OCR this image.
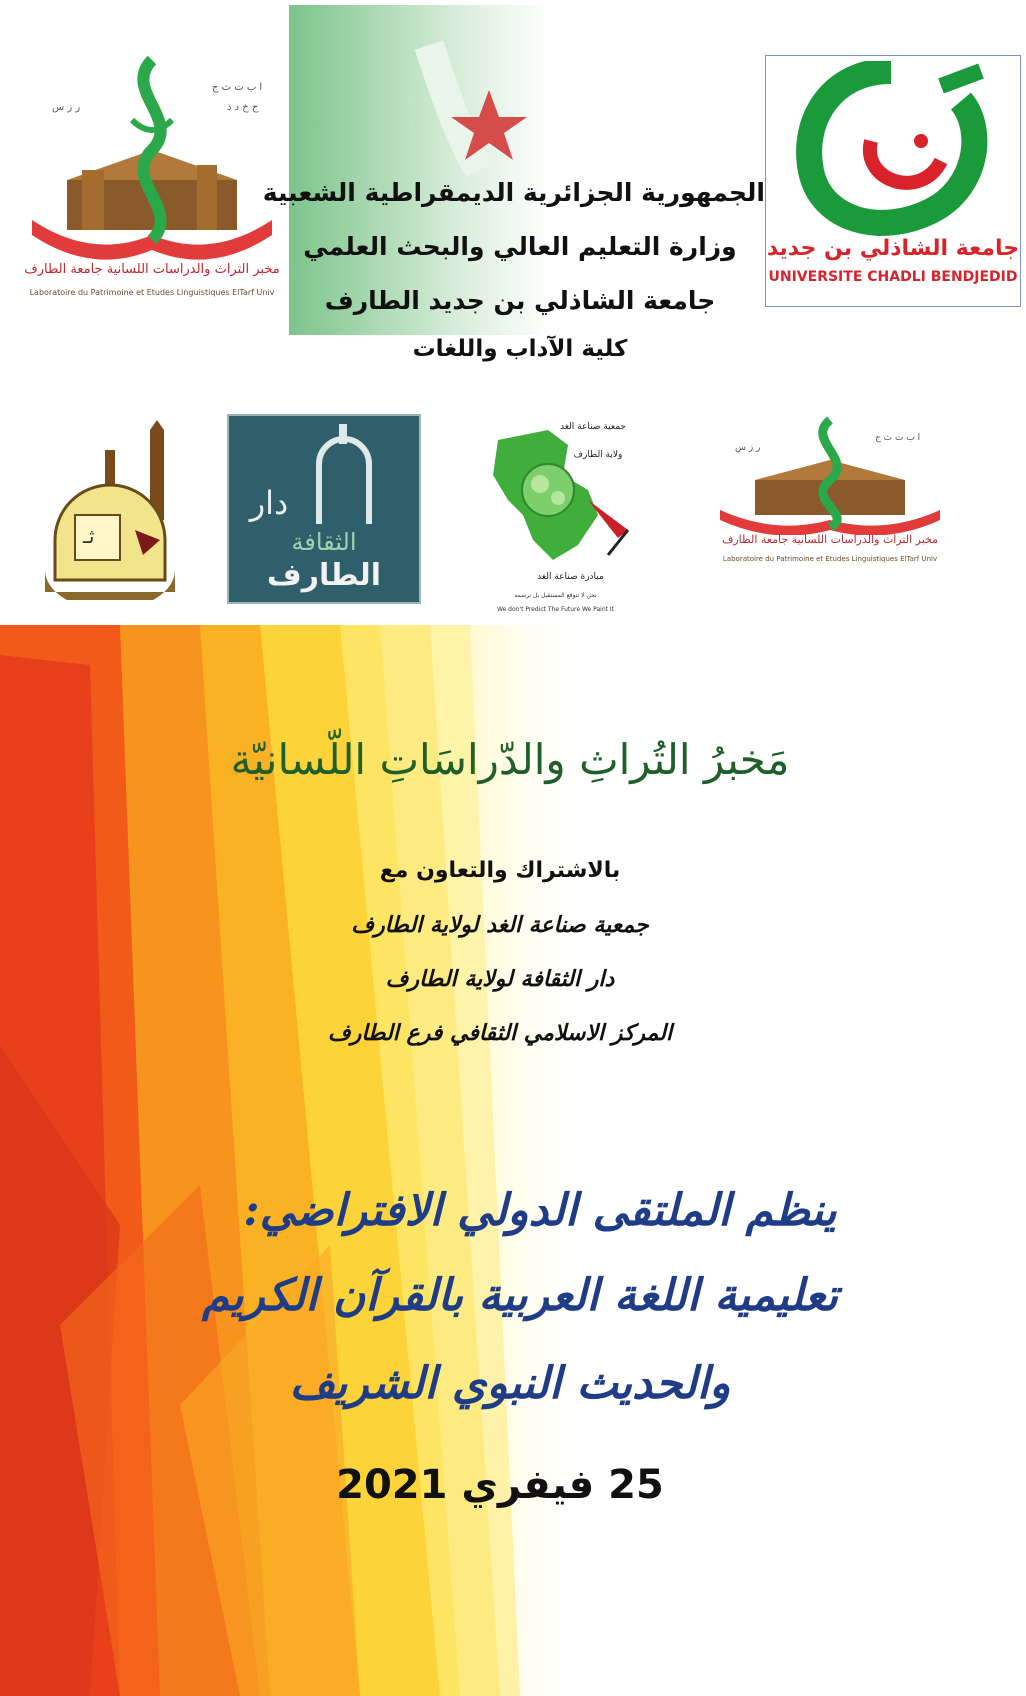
ا ب ت ث ج
ح خ د ذ
ر ز س
مخبر التراث والدراسات اللسانية جامعة الطارف
Laboratoire du Patrimoine et Etudes Linguistiques ElTarf Univ
جامعة الشاذلي بن جديد
UNIVERSITE CHADLI BENDJEDID
الجمهورية الجزائرية الديمقراطية الشعبية
وزارة التعليم العالي والبحث العلمي
جامعة الشاذلي بن جديد الطارف
كلية الآداب واللغات
ثـ
دار
الثقافة
الطارف
جمعية صناعة الغد
ولاية الطارف
مبادرة صناعة الغد
نحن لا نتوقع المستقبل بل نرسمه
We don't Predict The Future We Paint It
ا ب ت ث ج
ر ز س
مخبر التراث والدراسات اللسانية جامعة الطارف
Laboratoire du Patrimoine et Etudes Linguistiques ElTarf Univ
مَخبرُ التُراثِ والدّراسَاتِ اللّسانيّة
بالاشتراك والتعاون مع
جمعية صناعة الغد لولاية الطارف
دار الثقافة لولاية الطارف
المركز الاسلامي الثقافي فرع الطارف
ينظم الملتقى الدولي الافتراضي:
تعليمية اللغة العربية بالقرآن الكريم
والحديث النبوي الشريف
25 فيفري 2021
